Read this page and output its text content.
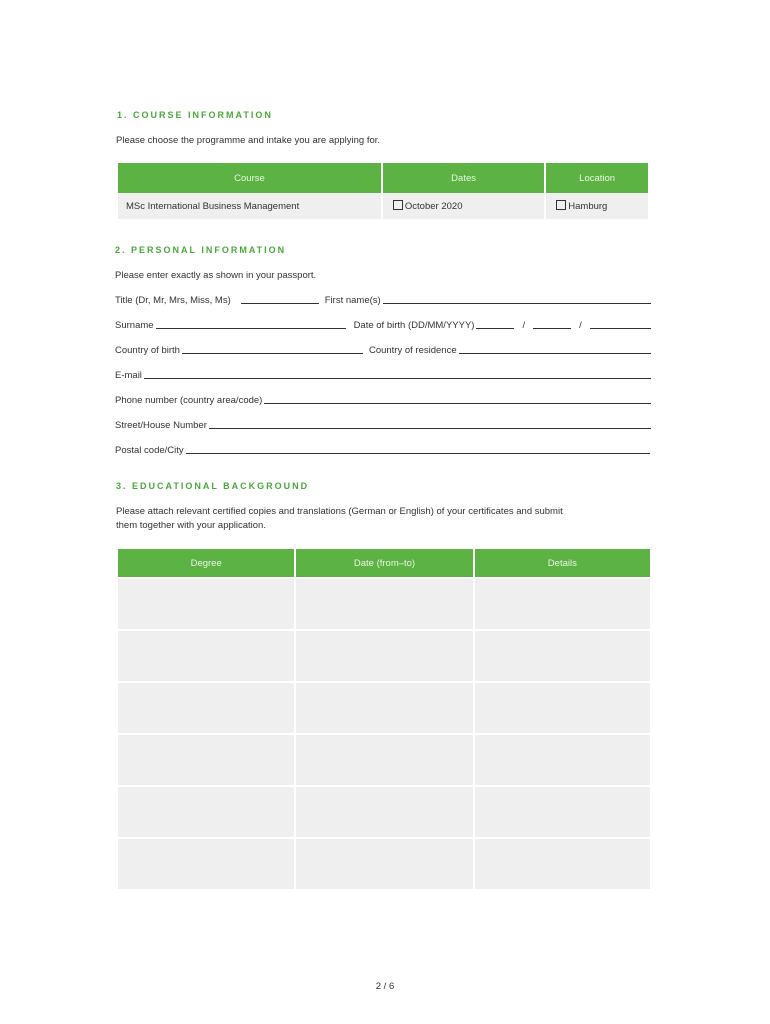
1. COURSE INFORMATION
Please choose the programme and intake you are applying for.
Course	Dates	Location
MSc International Business Management	October 2020	Hamburg
2. PERSONAL INFORMATION
Please enter exactly as shown in your passport.
Title (Dr, Mr, Mrs, Miss, Ms)	First name(s)
Surname	Date of birth (DD/MM/YYYY)	/	/
Country of birth	Country of residence
E-mail
Phone number (country area/code)
Street/House Number
Postal code/City
3. EDUCATIONAL BACKGROUND
Please attach relevant certified copies and translations (German or English) of your certificates and submit
them together with your application.
Degree	Date (from–to)	Details

2 / 6
